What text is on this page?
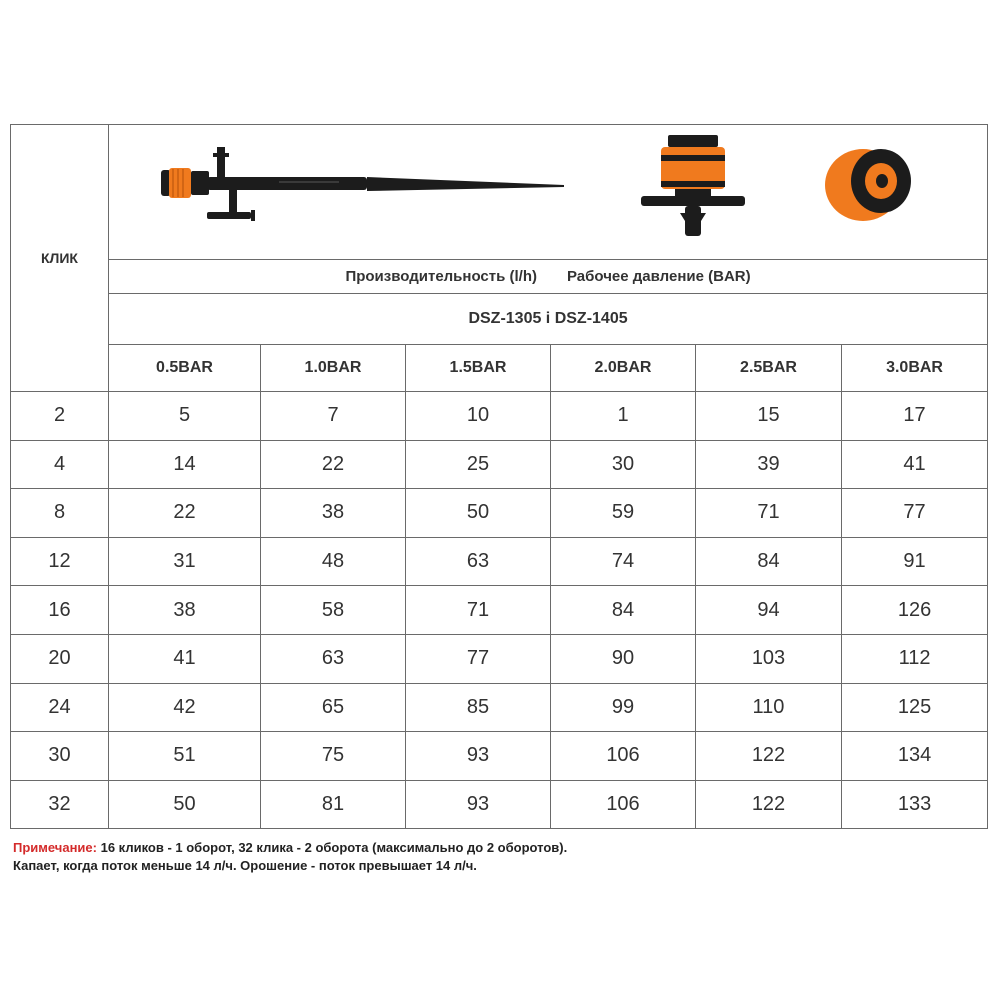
КЛИК	

	Производительность (l/h) Рабочее давление (BAR)					
	DSZ-1305 i DSZ-1405					
	0.5BAR	1.0BAR	1.5BAR	2.0BAR	2.5BAR	3.0BAR
2	5	7	10	1	15	17
4	14	22	25	30	39	41
8	22	38	50	59	71	77
12	31	48	63	74	84	91
16	38	58	71	84	94	126
20	41	63	77	90	103	112
24	42	65	85	99	110	125
30	51	75	93	106	122	134
32	50	81	93	106	122	133
Примечание: 16 кликов - 1 оборот, 32 клика - 2 оборота (максимально до 2 оборотов).
Капает, когда поток меньше 14 л/ч. Орошение - поток превышает 14 л/ч.
